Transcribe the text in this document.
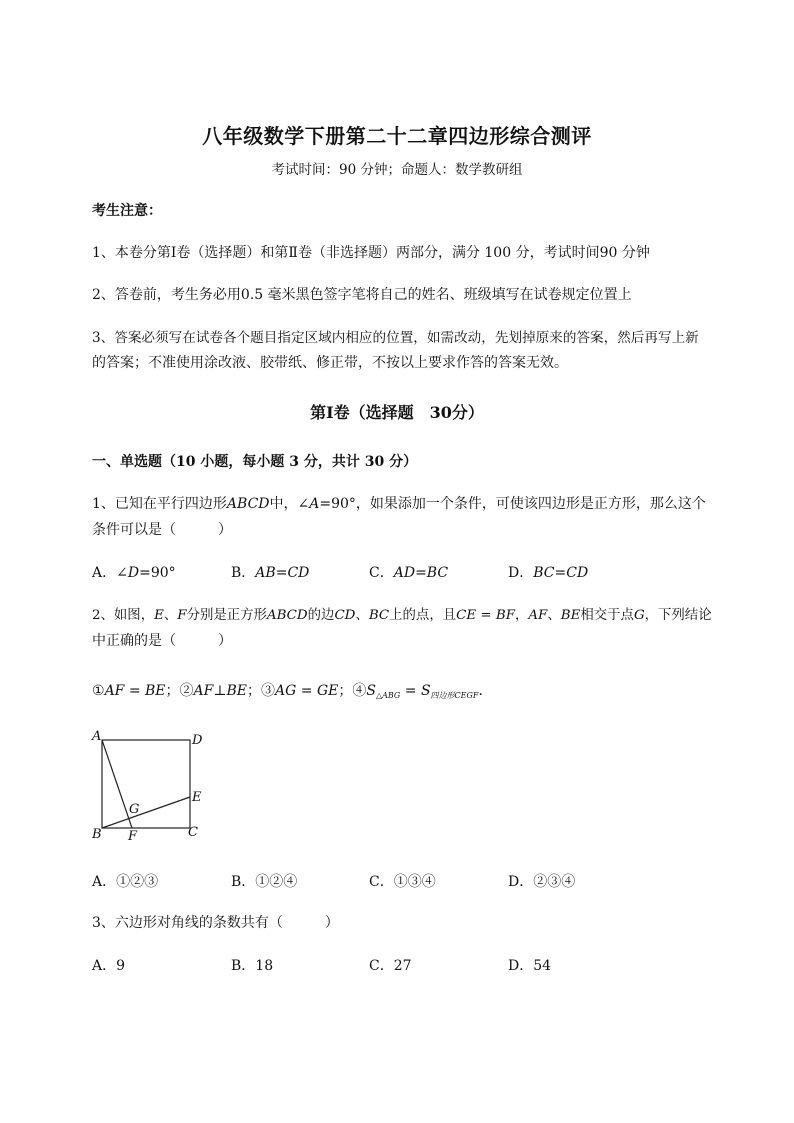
八年级数学下册第二十二章四边形综合测评
考试时间：90 分钟；命题人：数学教研组
考生注意：
1、本卷分第Ⅰ卷（选择题）和第Ⅱ卷（非选择题）两部分，满分 100 分，考试时间90 分钟
2、答卷前，考生务必用0.5 毫米黑色签字笔将自己的姓名、班级填写在试卷规定位置上
3、答案必须写在试卷各个题目指定区域内相应的位置，如需改动，先划掉原来的答案，然后再写上新
的答案；不准使用涂改液、胶带纸、修正带，不按以上要求作答的答案无效。
第Ⅰ卷（选择题　30分）
一、单选题（10 小题，每小题 3 分，共计 30 分）
1、已知在平行四边形ABCD中，∠A=90°，如果添加一个条件，可使该四边形是正方形，那么这个
条件可以是（　　　）
A．∠D=90°	B．AB=CD	C．AD=BC	D．BC=CD
2、如图，E、F分别是正方形ABCD的边CD、BC上的点，且CE = BF，AF、BE相交于点G，下列结论
中正确的是（　　　）
①AF = BE；②AF⊥BE；③AG = GE；$④S_{\triangle ABG} = S_{四边形CEGF}$．
A	D
E
G
B F	C
A．①②③	B．①②④	C．①③④	D．②③④
3、六边形对角线的条数共有（　　　）
A．9	B．18	C．27	D．54
